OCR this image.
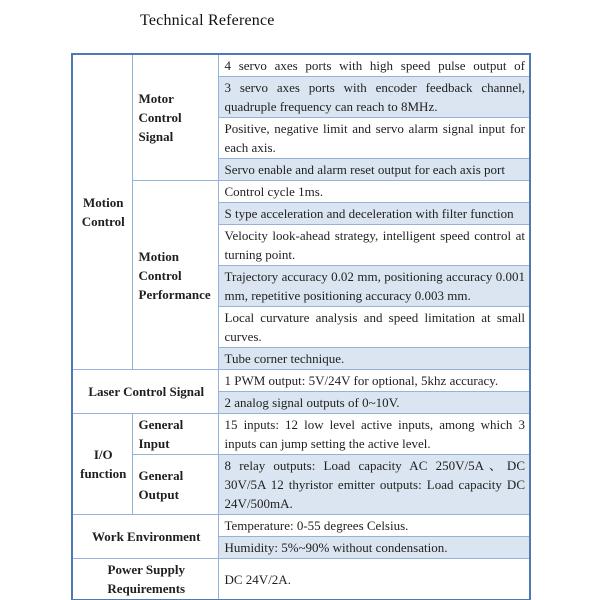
Technical Reference
Motion Control	Motor Control Signal	4 servo axes ports with high speed pulse output of
		3 servo axes ports with encoder feedback channel, quadruple frequency can reach to 8MHz.
		Positive, negative limit and servo alarm signal input for each axis.
		Servo enable and alarm reset output for each axis port
	Motion Control Performance	Control cycle 1ms.
		S type acceleration and deceleration with filter function
		Velocity look-ahead strategy, intelligent speed control at turning point.
		Trajectory accuracy 0.02 mm, positioning accuracy 0.001 mm, repetitive positioning accuracy 0.003 mm.
		Local curvature analysis and speed limitation at small curves.
		Tube corner technique.
Laser Control Signal		1 PWM output: 5V/24V for optional, 5khz accuracy.
		2 analog signal outputs of 0~10V.
I/O function	General Input	15 inputs: 12 low level active inputs, among which 3 inputs can jump setting the active level.
	General Output	8 relay outputs: Load capacity AC 250V/5A、DC 30V/5A 12 thyristor emitter outputs: Load capacity DC 24V/500mA.
Work Environment		Temperature: 0-55 degrees Celsius.
		Humidity: 5%~90% without condensation.
Power Supply Requirements		DC 24V/2A.
